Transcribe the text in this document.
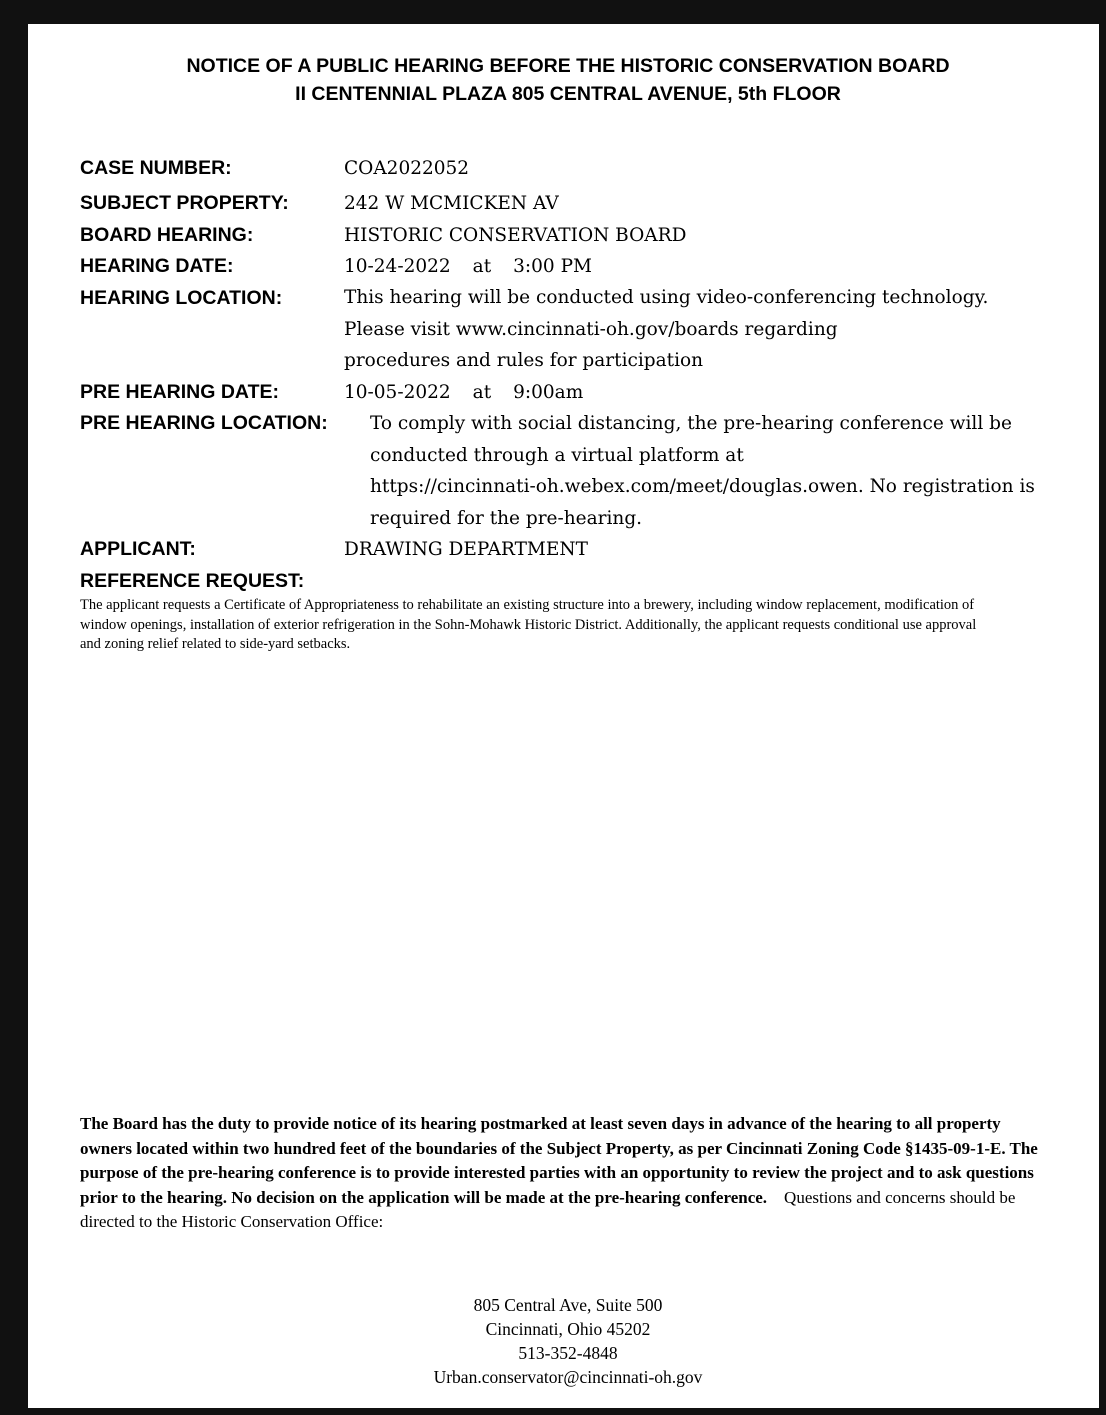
NOTICE OF A PUBLIC HEARING BEFORE THE HISTORIC CONSERVATION BOARD
II CENTENNIAL PLAZA 805 CENTRAL AVENUE, 5th FLOOR
CASE NUMBER:	COA2022052
SUBJECT PROPERTY:	242 W MCMICKEN AV
BOARD HEARING:	HISTORIC CONSERVATION BOARD
HEARING DATE:	10-24-2022 at 3:00 PM
HEARING LOCATION:	This hearing will be conducted using video-conferencing technology.
Please visit www.cincinnati-oh.gov/boards regarding
procedures and rules for participation
PRE HEARING DATE:	10-05-2022 at 9:00am
PRE HEARING LOCATION: To comply with social distancing, the pre-hearing conference will be
conducted through a virtual platform at
https://cincinnati-oh.webex.com/meet/douglas.owen. No registration is
required for the pre-hearing.
APPLICANT:	DRAWING DEPARTMENT
REFERENCE REQUEST:
The applicant requests a Certificate of Appropriateness to rehabilitate an existing structure into a brewery, including window replacement, modification of window openings, installation of exterior refrigeration in the Sohn-Mohawk Historic District. Additionally, the applicant requests conditional use approval and zoning relief related to side-yard setbacks.
The Board has the duty to provide notice of its hearing postmarked at least seven days in advance of the hearing to all property owners located within two hundred feet of the boundaries of the Subject Property, as per Cincinnati Zoning Code §1435-09-1-E. The purpose of the pre-hearing conference is to provide interested parties with an opportunity to review the project and to ask questions prior to the hearing. No decision on the application will be made at the pre-hearing conference. Questions and concerns should be directed to the Historic Conservation Office:
805 Central Ave, Suite 500
Cincinnati, Ohio 45202
513-352-4848
Urban.conservator@cincinnati-oh.gov
